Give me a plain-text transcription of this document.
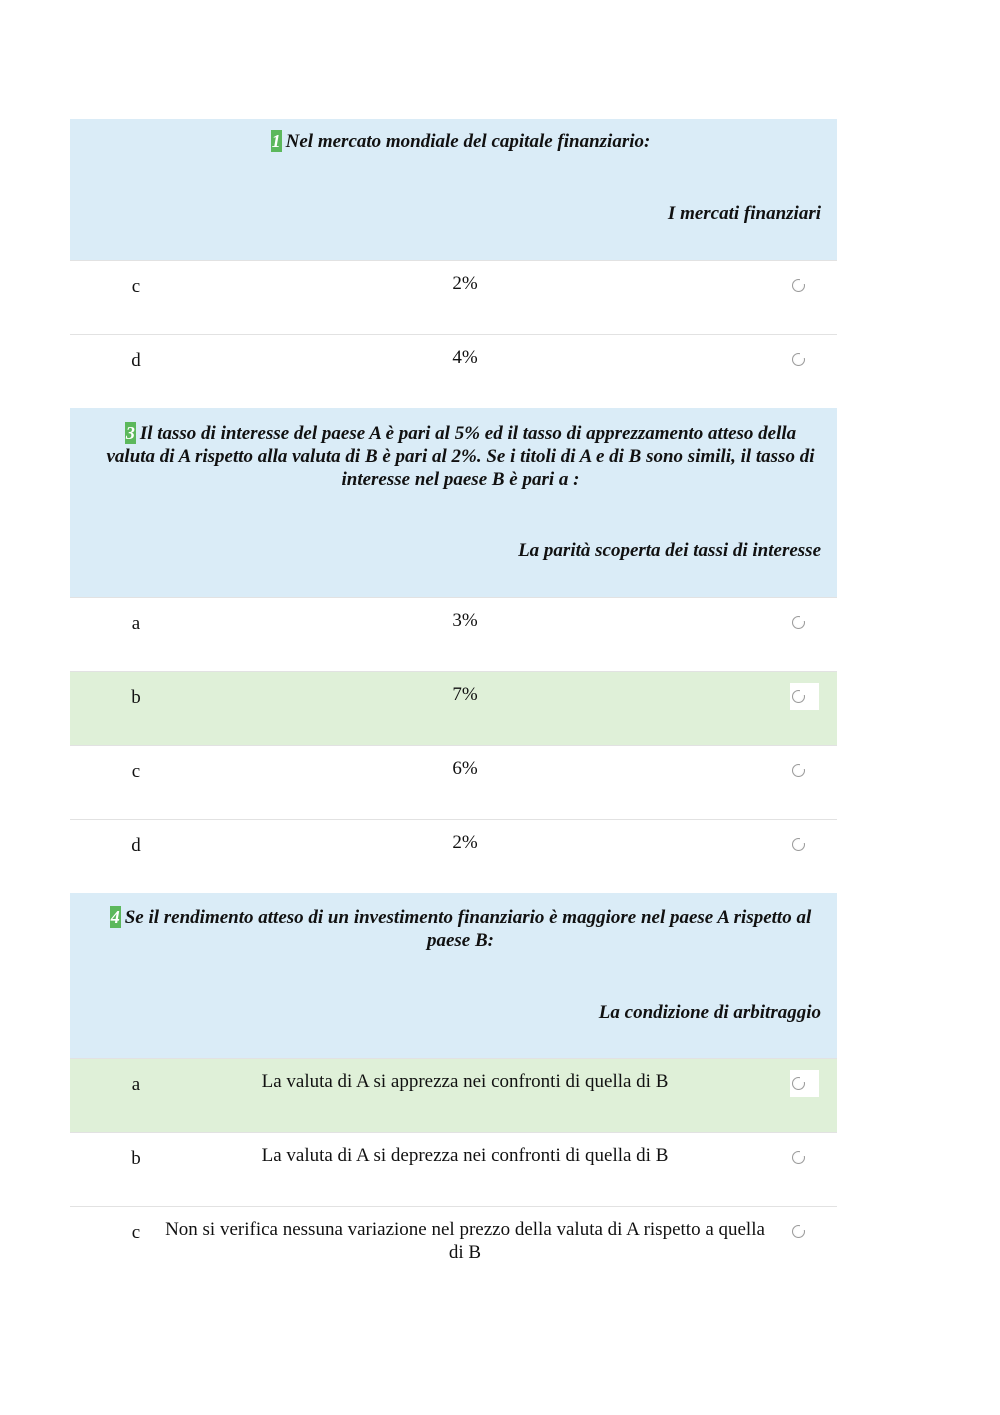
1 Nel mercato mondiale del capitale finanziario:
I mercati finanziari
c	2%
d	4%
3 Il tasso di interesse del paese A è pari al 5% ed il tasso di apprezzamento atteso della valuta di A rispetto alla valuta di B è pari al 2%. Se i titoli di A e di B sono simili, il tasso di interesse nel paese B è pari a :
La parità scoperta dei tassi di interesse
a	3%
b	7%
c	6%
d	2%
4 Se il rendimento atteso di un investimento finanziario è maggiore nel paese A rispetto al paese B:
La condizione di arbitraggio
a	La valuta di A si apprezza nei confronti di quella di B
b	La valuta di A si deprezza nei confronti di quella di B
c Non si verifica nessuna variazione nel prezzo della valuta di A rispetto a quella di B
